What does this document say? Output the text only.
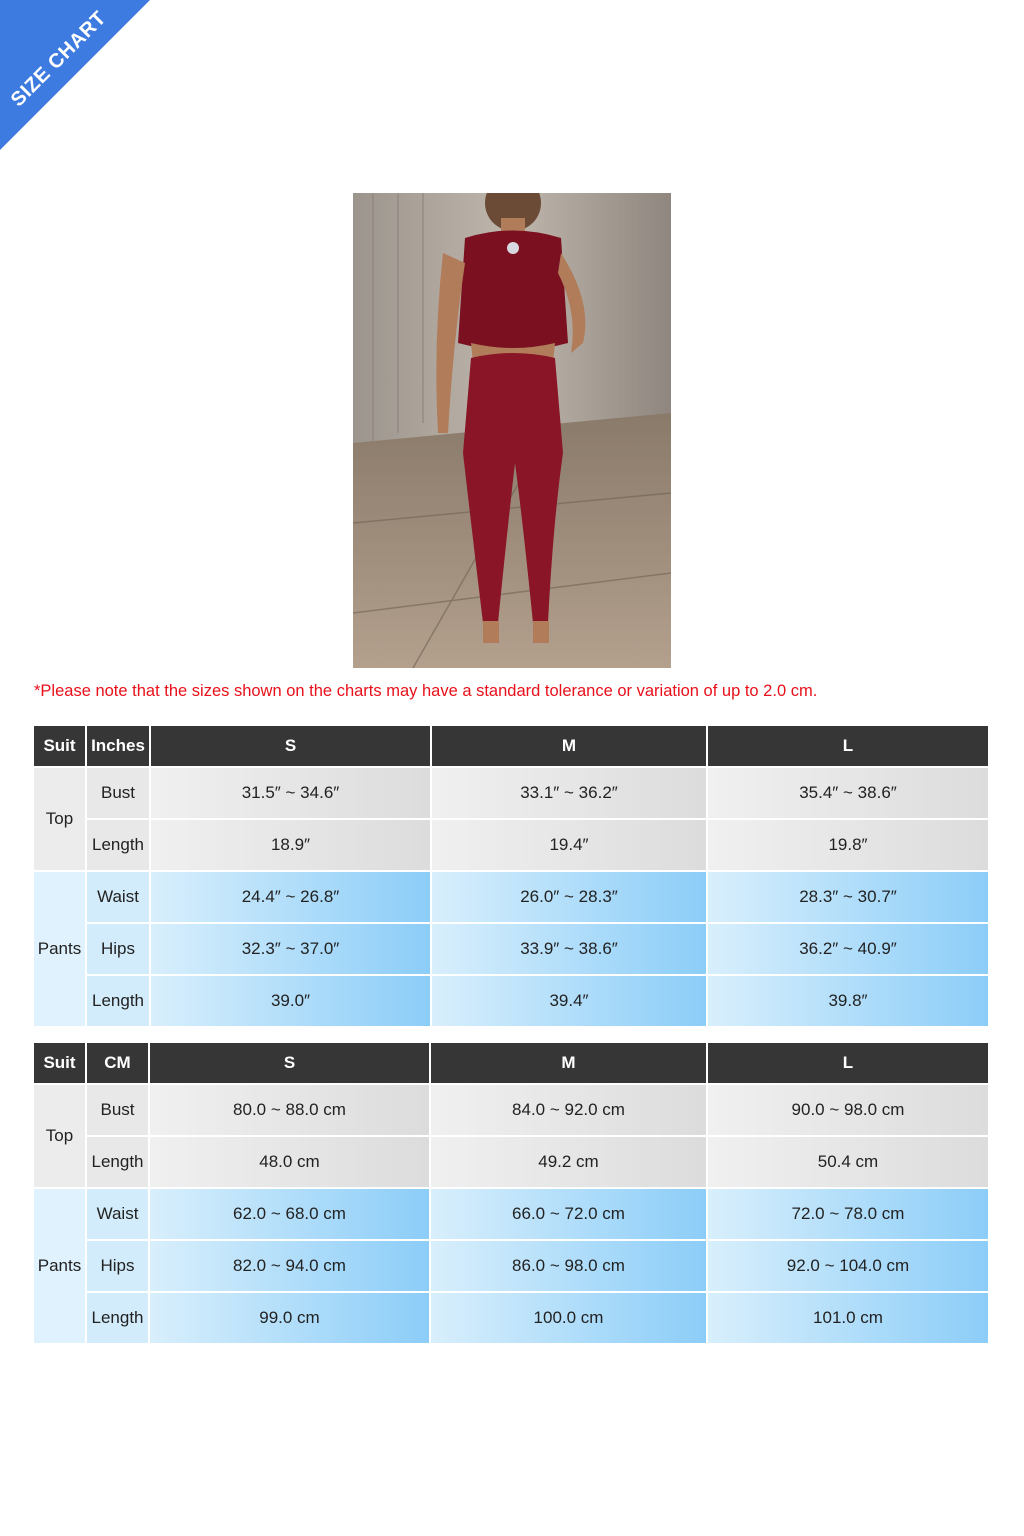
SIZE CHART
*Please note that the sizes shown on the charts may have a standard tolerance or variation of up to 2.0 cm.
Suit	Inches	S	M	L
Top	Bust	31.5″ ~ 34.6″	33.1″ ~ 36.2″	35.4″ ~ 38.6″
	Length	18.9″	19.4″	19.8″
Pants	Waist	24.4″ ~ 26.8″	26.0″ ~ 28.3″	28.3″ ~ 30.7″
	Hips	32.3″ ~ 37.0″	33.9″ ~ 38.6″	36.2″ ~ 40.9″
	Length	39.0″	39.4″	39.8″
Suit	CM	S	M	L
Top	Bust	80.0 ~ 88.0 cm	84.0 ~ 92.0 cm	90.0 ~ 98.0 cm
	Length	48.0 cm	49.2 cm	50.4 cm
Pants	Waist	62.0 ~ 68.0 cm	66.0 ~ 72.0 cm	72.0 ~ 78.0 cm
	Hips	82.0 ~ 94.0 cm	86.0 ~ 98.0 cm	92.0 ~ 104.0 cm
	Length	99.0 cm	100.0 cm	101.0 cm
